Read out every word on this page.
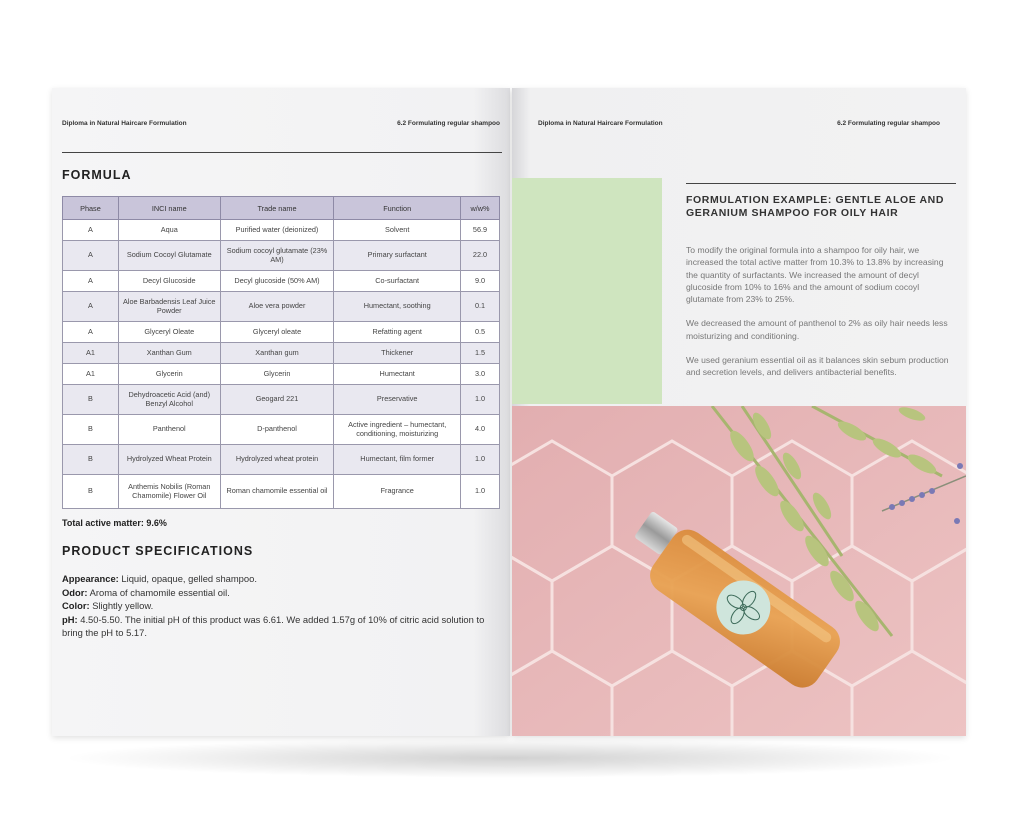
Diploma in Natural Haircare Formulation	6.2 Formulating regular shampoo
FORMULA
Phase	INCI name	Trade name	Function	w/w%
A	Aqua	Purified water (deionized)	Solvent	56.9
A	Sodium Cocoyl Glutamate	Sodium cocoyl glutamate (23% AM)	Primary surfactant	22.0
A	Decyl Glucoside	Decyl glucoside (50% AM)	Co-surfactant	9.0
A	Aloe Barbadensis Leaf Juice Powder	Aloe vera powder	Humectant, soothing	0.1
A	Glyceryl Oleate	Glyceryl oleate	Refatting agent	0.5
A1	Xanthan Gum	Xanthan gum	Thickener	1.5
A1	Glycerin	Glycerin	Humectant	3.0
B	Dehydroacetic Acid (and) Benzyl Alcohol	Geogard 221	Preservative	1.0
B	Panthenol	D-panthenol	Active ingredient – humectant, conditioning, moisturizing	4.0
B	Hydrolyzed Wheat Protein	Hydrolyzed wheat protein	Humectant, film former	1.0
B	Anthemis Nobilis (Roman Chamomile) Flower Oil	Roman chamomile essential oil	Fragrance	1.0
Total active matter: 9.6%
PRODUCT SPECIFICATIONS
Appearance: Liquid, opaque, gelled shampoo.
Odor: Aroma of chamomile essential oil.
Color: Slightly yellow.
pH: 4.50-5.50. The initial pH of this product was 6.61. We added 1.57g of 10% of citric acid solution to bring the pH to 5.17.
Diploma in Natural Haircare Formulation	6.2 Formulating regular shampoo
FORMULATION EXAMPLE: GENTLE ALOE AND GERANIUM SHAMPOO FOR OILY HAIR

To modify the original formula into a shampoo for oily hair, we increased the total active matter from 10.3% to 13.8% by increasing the quantity of surfactants. We increased the amount of decyl glucoside from 10% to 16% and the amount of sodium cocoyl glutamate from 23% to 25%.

We decreased the amount of panthenol to 2% as oily hair needs less moisturizing and conditioning.

We used geranium essential oil as it balances skin sebum production and secretion levels, and delivers antibacterial benefits.
